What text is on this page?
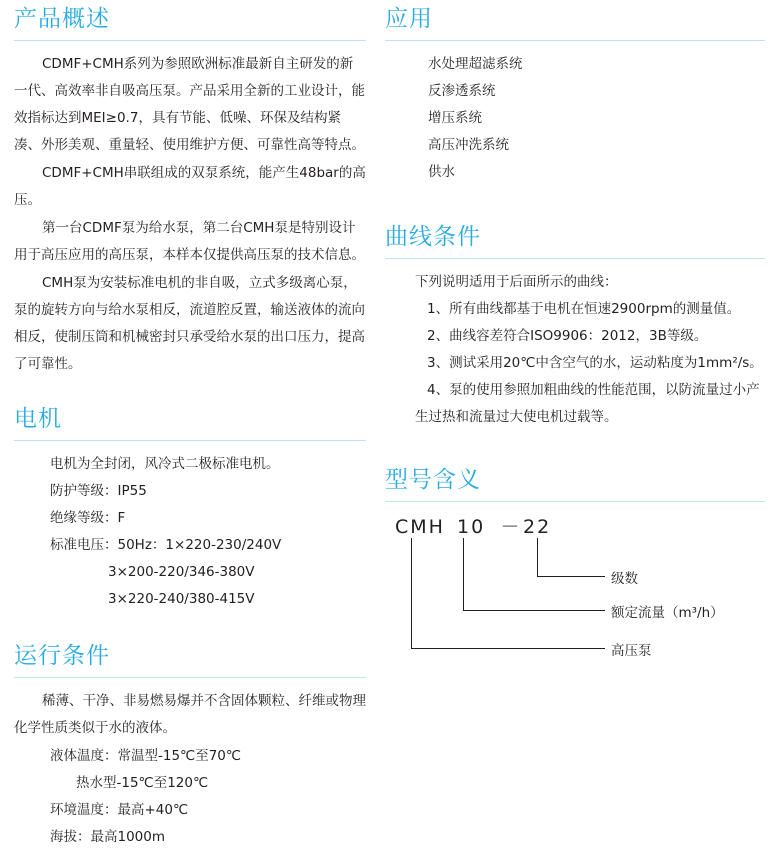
产品概述

CDMF+CMH系列为参照欧洲标准最新自主研发的新一代、高效率非自吸高压泵。产品采用全新的工业设计，能效指标达到MEI≥0.7，具有节能、低噪、环保及结构紧凑、外形美观、重量轻、使用维护方便、可靠性高等特点。

CDMF+CMH串联组成的双泵系统，能产生48bar的高压。

第一台CDMF泵为给水泵，第二台CMH泵是特别设计用于高压应用的高压泵，本样本仅提供高压泵的技术信息。

CMH泵为安装标准电机的非自吸，立式多级离心泵，泵的旋转方向与给水泵相反，流道腔反置，输送液体的流向相反，使制压筒和机械密封只承受给水泵的出口压力，提高了可靠性。

电机
电机为全封闭，风冷式二极标准电机。
防护等级：IP55
绝缘等级：F
标准电压：50Hz：1×220-230/240V
3×200-220/346-380V
3×220-240/380-415V
运行条件

稀薄、干净、非易燃易爆并不含固体颗粒、纤维或物理化学性质类似于水的液体。

液体温度：常温型-15℃至70℃
热水型-15℃至120℃
环境温度：最高+40℃
海拔：最高1000m
应用
水处理超滤系统
反渗透系统
增压系统
高压冲洗系统
供水
曲线条件
下列说明适用于后面所示的曲线：
1、所有曲线都基于电机在恒速2900rpm的测量值。
2、曲线容差符合ISO9906：2012，3B等级。
3、测试采用20℃中含空气的水，运动粘度为1mm²/s。
4、泵的使用参照加粗曲线的性能范围，以防流量过小产生过热和流量过大使电机过载等。
型号含义
CMH 10 －22
级数
额定流量（m³/h）
高压泵
